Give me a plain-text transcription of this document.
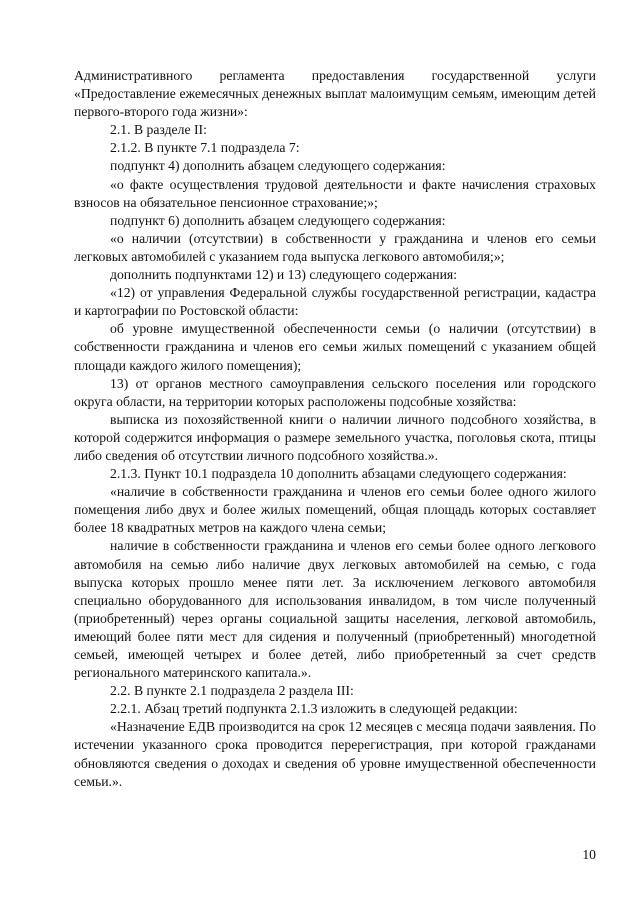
Административного регламента предоставления государственной услуги «Предоставление ежемесячных денежных выплат малоимущим семьям, имеющим детей первого-второго года жизни»:

2.1. В разделе II:

2.1.2. В пункте 7.1 подраздела 7:

подпункт 4) дополнить абзацем следующего содержания:

«о факте осуществления трудовой деятельности и факте начисления страховых взносов на обязательное пенсионное страхование;»;

подпункт 6) дополнить абзацем следующего содержания:

«о наличии (отсутствии) в собственности у гражданина и членов его семьи легковых автомобилей с указанием года выпуска легкового автомобиля;»;

дополнить подпунктами 12) и 13) следующего содержания:

«12) от управления Федеральной службы государственной регистрации, кадастра и картографии по Ростовской области:

об уровне имущественной обеспеченности семьи (о наличии (отсутствии) в собственности гражданина и членов его семьи жилых помещений с указанием общей площади каждого жилого помещения);

13) от органов местного самоуправления сельского поселения или городского округа области, на территории которых расположены подсобные хозяйства:

выписка из похозяйственной книги о наличии личного подсобного хозяйства, в которой содержится информация о размере земельного участка, поголовья скота, птицы либо сведения об отсутствии личного подсобного хозяйства.».

2.1.3. Пункт 10.1 подраздела 10 дополнить абзацами следующего содержания:

«наличие в собственности гражданина и членов его семьи более одного жилого помещения либо двух и более жилых помещений, общая площадь которых составляет более 18 квадратных метров на каждого члена семьи;

наличие в собственности гражданина и членов его семьи более одного легкового автомобиля на семью либо наличие двух легковых автомобилей на семью, с года выпуска которых прошло менее пяти лет. За исключением легкового автомобиля специально оборудованного для использования инвалидом, в том числе полученный (приобретенный) через органы социальной защиты населения, легковой автомобиль, имеющий более пяти мест для сидения и полученный (приобретенный) многодетной семьей, имеющей четырех и более детей, либо приобретенный за счет средств регионального материнского капитала.».

2.2. В пункте 2.1 подраздела 2 раздела III:

2.2.1. Абзац третий подпункта 2.1.3 изложить в следующей редакции:

«Назначение ЕДВ производится на срок 12 месяцев с месяца подачи заявления. По истечении указанного срока проводится перерегистрация, при которой гражданами обновляются сведения о доходах и сведения об уровне имущественной обеспеченности семьи.».

10
